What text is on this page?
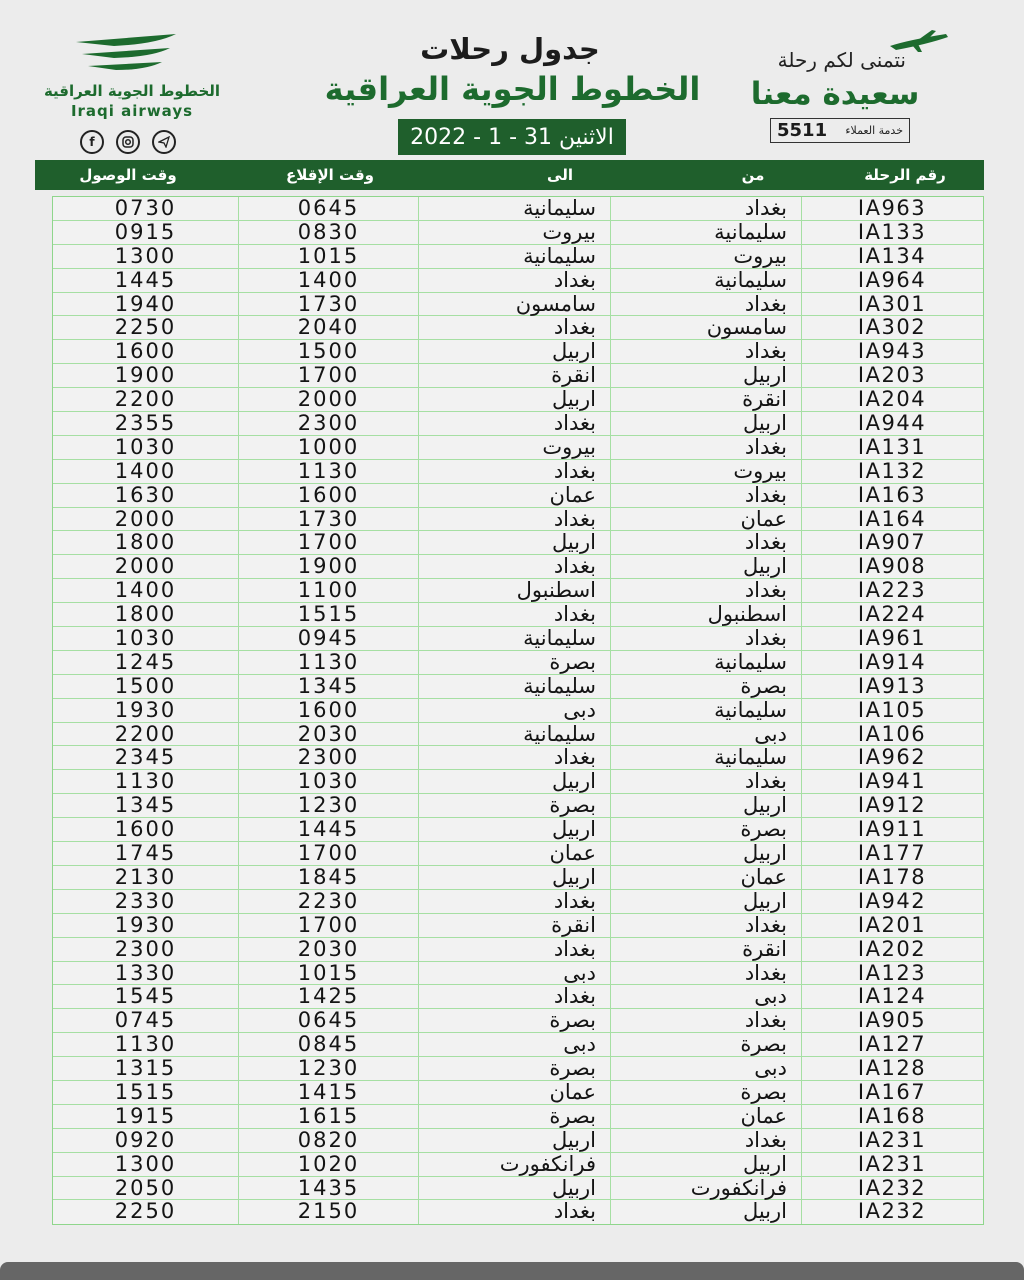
الخطوط الجوية العراقية
Iraqi airways
f
جدول رحلات
الخطوط الجوية العراقية
الاثنين 31 - 1 - 2022
نتمنى لكم رحلة
سعيدة معنا
5511 خدمة العملاء
وقت الوصول	وقت الإقلاع	الى	من	رقم الرحلة
0730	0645	سليمانية	بغداد	IA963
0915	0830	بيروت	سليمانية	IA133
1300	1015	سليمانية	بيروت	IA134
1445	1400	بغداد	سليمانية	IA964
1940	1730	سامسون	بغداد	IA301
2250	2040	بغداد	سامسون	IA302
1600	1500	اربيل	بغداد	IA943
1900	1700	انقرة	اربيل	IA203
2200	2000	اربيل	انقرة	IA204
2355	2300	بغداد	اربيل	IA944
1030	1000	بيروت	بغداد	IA131
1400	1130	بغداد	بيروت	IA132
1630	1600	عمان	بغداد	IA163
2000	1730	بغداد	عمان	IA164
1800	1700	اربيل	بغداد	IA907
2000	1900	بغداد	اربيل	IA908
1400	1100	اسطنبول	بغداد	IA223
1800	1515	بغداد	اسطنبول	IA224
1030	0945	سليمانية	بغداد	IA961
1245	1130	بصرة	سليمانية	IA914
1500	1345	سليمانية	بصرة	IA913
1930	1600	دبى	سليمانية	IA105
2200	2030	سليمانية	دبى	IA106
2345	2300	بغداد	سليمانية	IA962
1130	1030	اربيل	بغداد	IA941
1345	1230	بصرة	اربيل	IA912
1600	1445	اربيل	بصرة	IA911
1745	1700	عمان	اربيل	IA177
2130	1845	اربيل	عمان	IA178
2330	2230	بغداد	اربيل	IA942
1930	1700	انقرة	بغداد	IA201
2300	2030	بغداد	انقرة	IA202
1330	1015	دبى	بغداد	IA123
1545	1425	بغداد	دبى	IA124
0745	0645	بصرة	بغداد	IA905
1130	0845	دبى	بصرة	IA127
1315	1230	بصرة	دبى	IA128
1515	1415	عمان	بصرة	IA167
1915	1615	بصرة	عمان	IA168
0920	0820	اربيل	بغداد	IA231
1300	1020	فرانكفورت	اربيل	IA231
2050	1435	اربيل	فرانكفورت	IA232
2250	2150	بغداد	اربيل	IA232
